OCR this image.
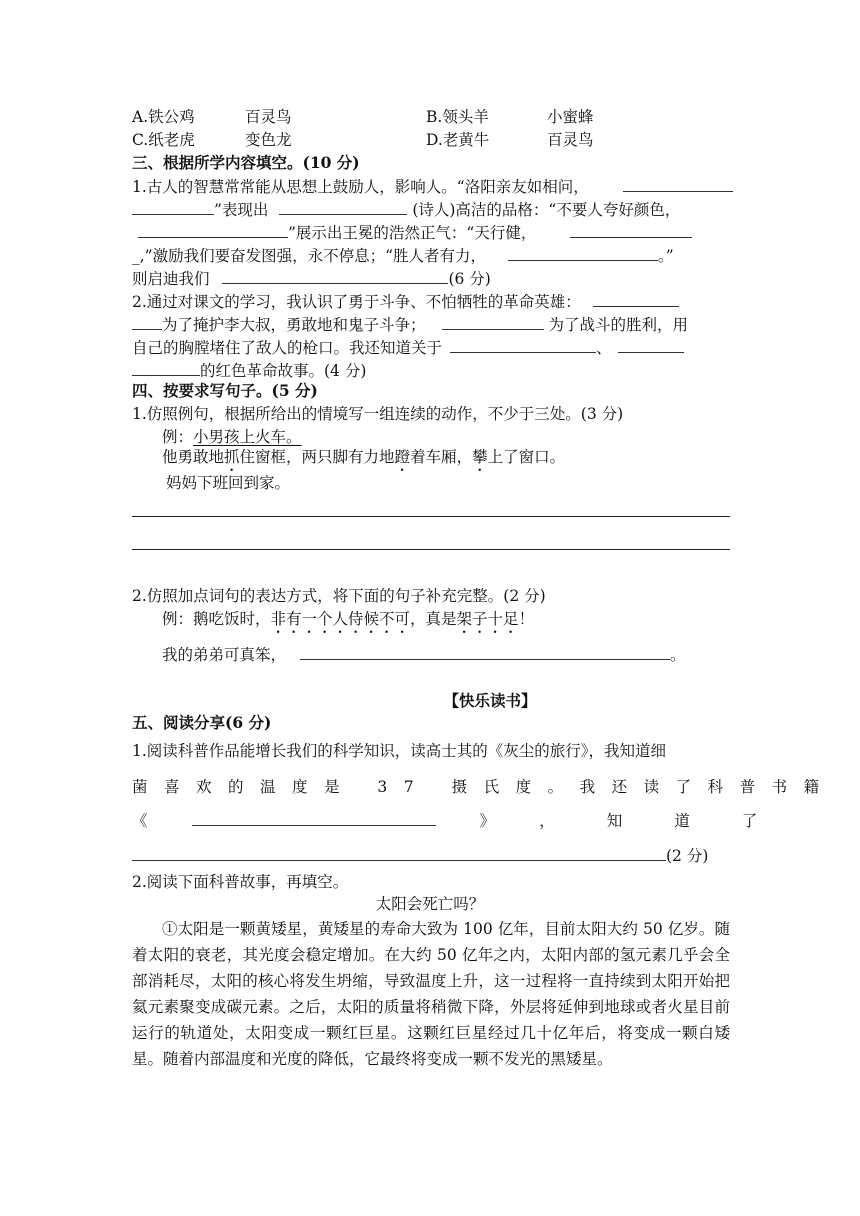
A.铁公鸡	百灵鸟	B.领头羊	小蜜蜂
C.纸老虎	变色龙	D.老黄牛	百灵鸟
三、根据所学内容填空。(10 分)
1.古人的智慧常常能从思想上鼓励人，影响人。“洛阳亲友如相问，
”表现出	(诗人)高洁的品格：“不要人夸好颜色，
”展示出王冕的浩然正气：“天行健，
_,”激励我们要奋发图强，永不停息；“胜人者有力，	。”
则启迪我们	(6 分)
2.通过对课文的学习，我认识了勇于斗争、不怕牺牲的革命英雄：
为了掩护李大叔，勇敢地和鬼子斗争；	为了战斗的胜利，用
自己的胸膛堵住了敌人的枪口。我还知道关于	、
的红色革命故事。(4 分)
四、按要求写句子。(5 分)
1.仿照例句，根据所给出的情境写一组连续的动作，不少于三处。(3 分)
例：小男孩上火车。
他勇敢地抓住窗框，两只脚有力地蹬着车厢，攀上了窗口。
妈妈下班回到家。
2.仿照加点词句的表达方式，将下面的句子补充完整。(2 分)
例：鹅吃饭时，非有一个人侍候不可，真是架子十足！
我的弟弟可真笨，	。
【快乐读书】
五、阅读分享(6 分)
1.阅读科普作品能增长我们的科学知识，读高士其的《灰尘的旅行》，我知道细
菌喜欢的温度是 37 摄氏度。我还读了科普书籍
《	》	，	知	道	了
(2 分)
2.阅读下面科普故事，再填空。
太阳会死亡吗？
①太阳是一颗黄矮星，黄矮星的寿命大致为 100 亿年，目前太阳大约 50 亿岁。随着太阳的衰老，其光度会稳定增加。在大约 50 亿年之内，太阳内部的氢元素几乎会全部消耗尽，太阳的核心将发生坍缩，导致温度上升，这一过程将一直持续到太阳开始把氦元素聚变成碳元素。之后，太阳的质量将稍微下降，外层将延伸到地球或者火星目前运行的轨道处，太阳变成一颗红巨星。这颗红巨星经过几十亿年后，将变成一颗白矮星。随着内部温度和光度的降低，它最终将变成一颗不发光的黑矮星。
